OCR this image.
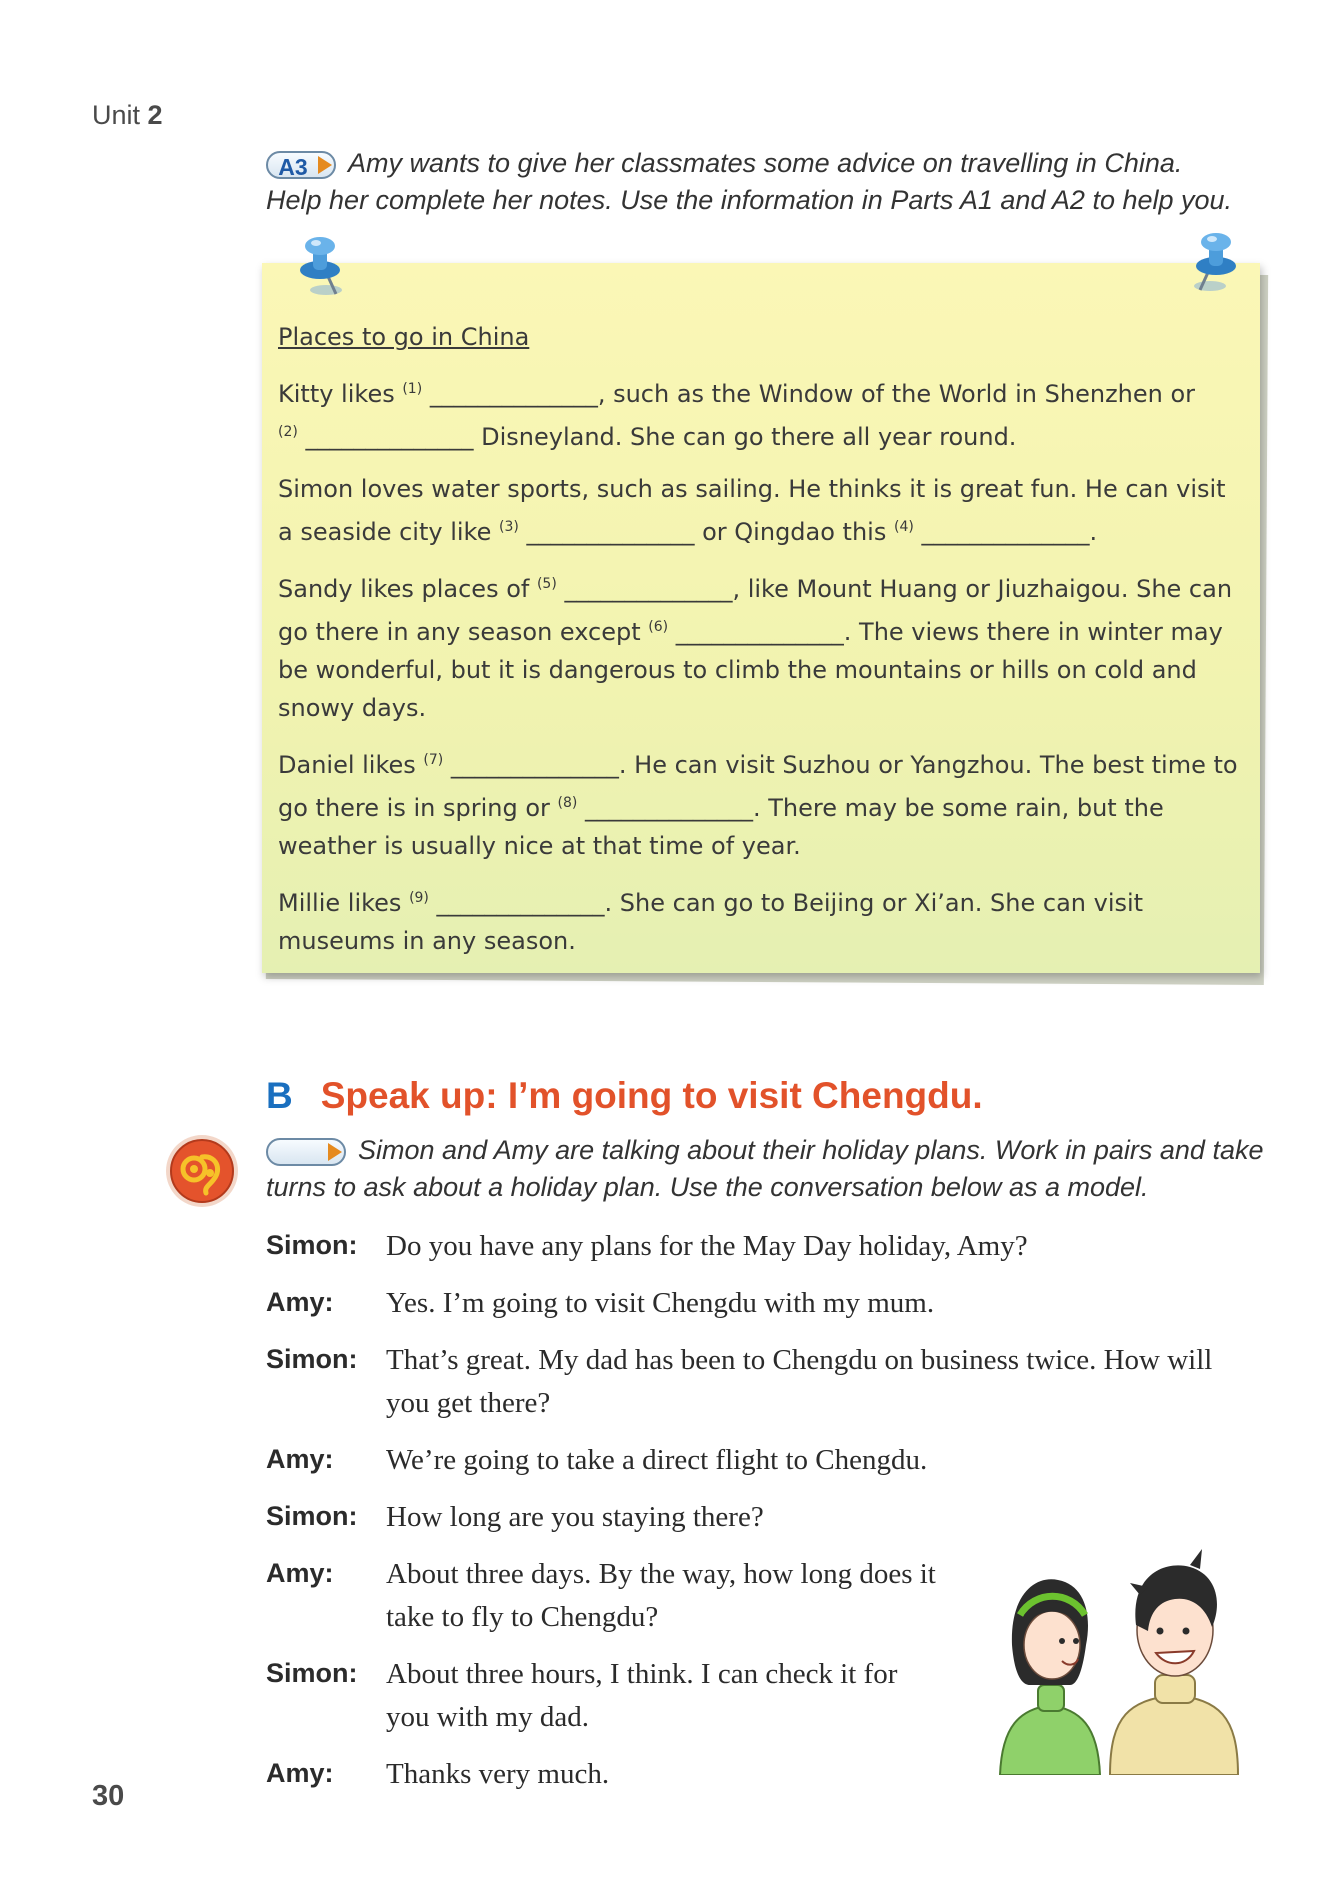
Unit 2
A3 Amy wants to give her classmates some advice on travelling in China.
Help her complete her notes. Use the information in Parts A1 and A2 to help you.

Places to go in China

Kitty likes $^{(1)}$ ______________, such as the Window of the World in Shenzhen or
$^{(2)}$ ______________ Disneyland. She can go there all year round.

Simon loves water sports, such as sailing. He thinks it is great fun. He can visit a seaside city like $^{(3)}$ ______________ or Qingdao this $^{(4)}$ ______________.

Sandy likes places of $^{(5)}$ ______________, like Mount Huang or Jiuzhaigou. She can go there in any season except $^{(6)}$ ______________. The views there in winter may be wonderful, but it is dangerous to climb the mountains or hills on cold and snowy days.

Daniel likes $^{(7)}$ ______________. He can visit Suzhou or Yangzhou. The best time to go there is in spring or $^{(8)}$ ______________. There may be some rain, but the weather is usually nice at that time of year.

Millie likes $^{(9)}$ ______________. She can go to Beijing or Xi’an. She can visit museums in any season.

B Speak up: I’m going to visit Chengdu.
Simon and Amy are talking about their holiday plans. Work in pairs and take
turns to ask about a holiday plan. Use the conversation below as a model.
Simon: Do you have any plans for the May Day holiday, Amy?
Amy:	Yes. I’m going to visit Chengdu with my mum.
Simon: That’s great. My dad has been to Chengdu on business twice. How will you get there?
Amy:	We’re going to take a direct flight to Chengdu.
Simon: How long are you staying there?
Amy:	About three days. By the way, how long does it take to fly to Chengdu?
Simon: About three hours, I think. I can check it for you with my dad.
Amy:	Thanks very much.
30
